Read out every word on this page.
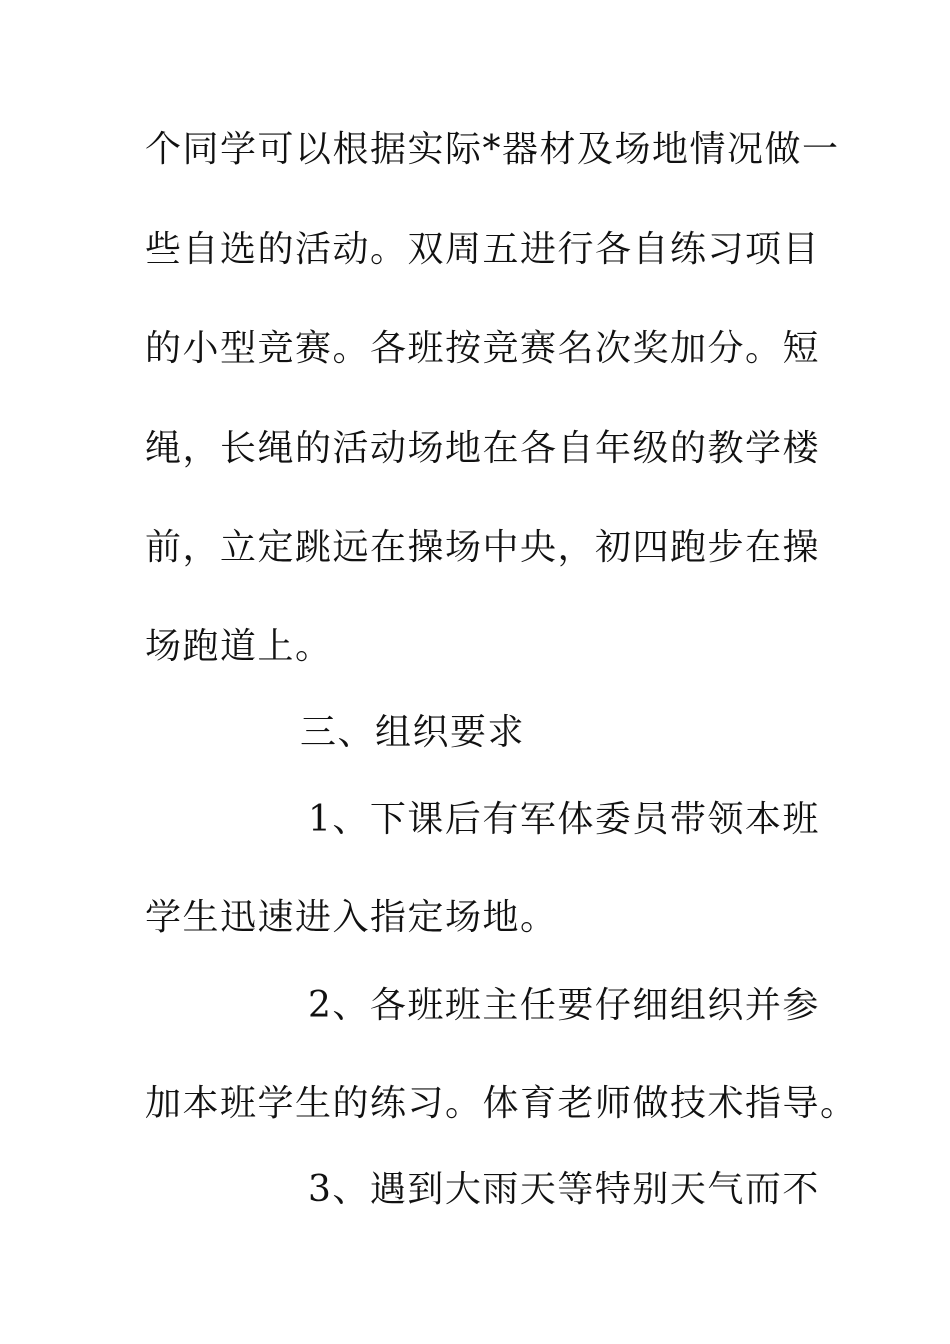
个同学可以根据实际*器材及场地情况做一
些自选的活动。双周五进行各自练习项目
的小型竞赛。各班按竞赛名次奖加分。短
绳，长绳的活动场地在各自年级的教学楼
前，立定跳远在操场中央，初四跑步在操
场跑道上。
三、组织要求
1、下课后有军体委员带领本班
学生迅速进入指定场地。
2、各班班主任要仔细组织并参
加本班学生的练习。体育老师做技术指导。
3、遇到大雨天等特别天气而不
